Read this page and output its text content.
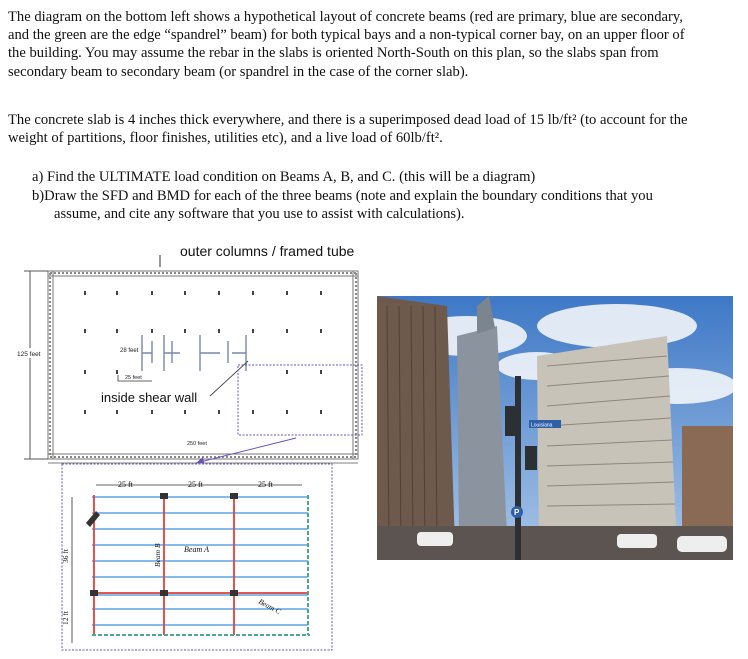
The diagram on the bottom left shows a hypothetical layout of concrete beams (red are primary, blue are secondary,
and the green are the edge “spandrel” beam) for both typical bays and a non-typical corner bay, on an upper floor of
the building. You may assume the rebar in the slabs is oriented North-South on this plan, so the slabs span from
secondary beam to secondary beam (or spandrel in the case of the corner slab).
The concrete slab is 4 inches thick everywhere, and there is a superimposed dead load of 15 lb/ft² (to account for the
weight of partitions, floor finishes, utilities etc), and a live load of 60lb/ft².
a) Find the ULTIMATE load condition on Beams A, B, and C. (this will be a diagram)
b)Draw the SFD and BMD for each of the three beams (note and explain the boundary conditions that you
assume, and cite any software that you use to assist with calculations).
outer columns / framed tube
125 feet	28 feet
25 feet
inside shear wall
250 feet
25 ft	25 ft	25 ft
Beam A
Beam B
Beam C
36 ft
12 ft
Louisiana
P
